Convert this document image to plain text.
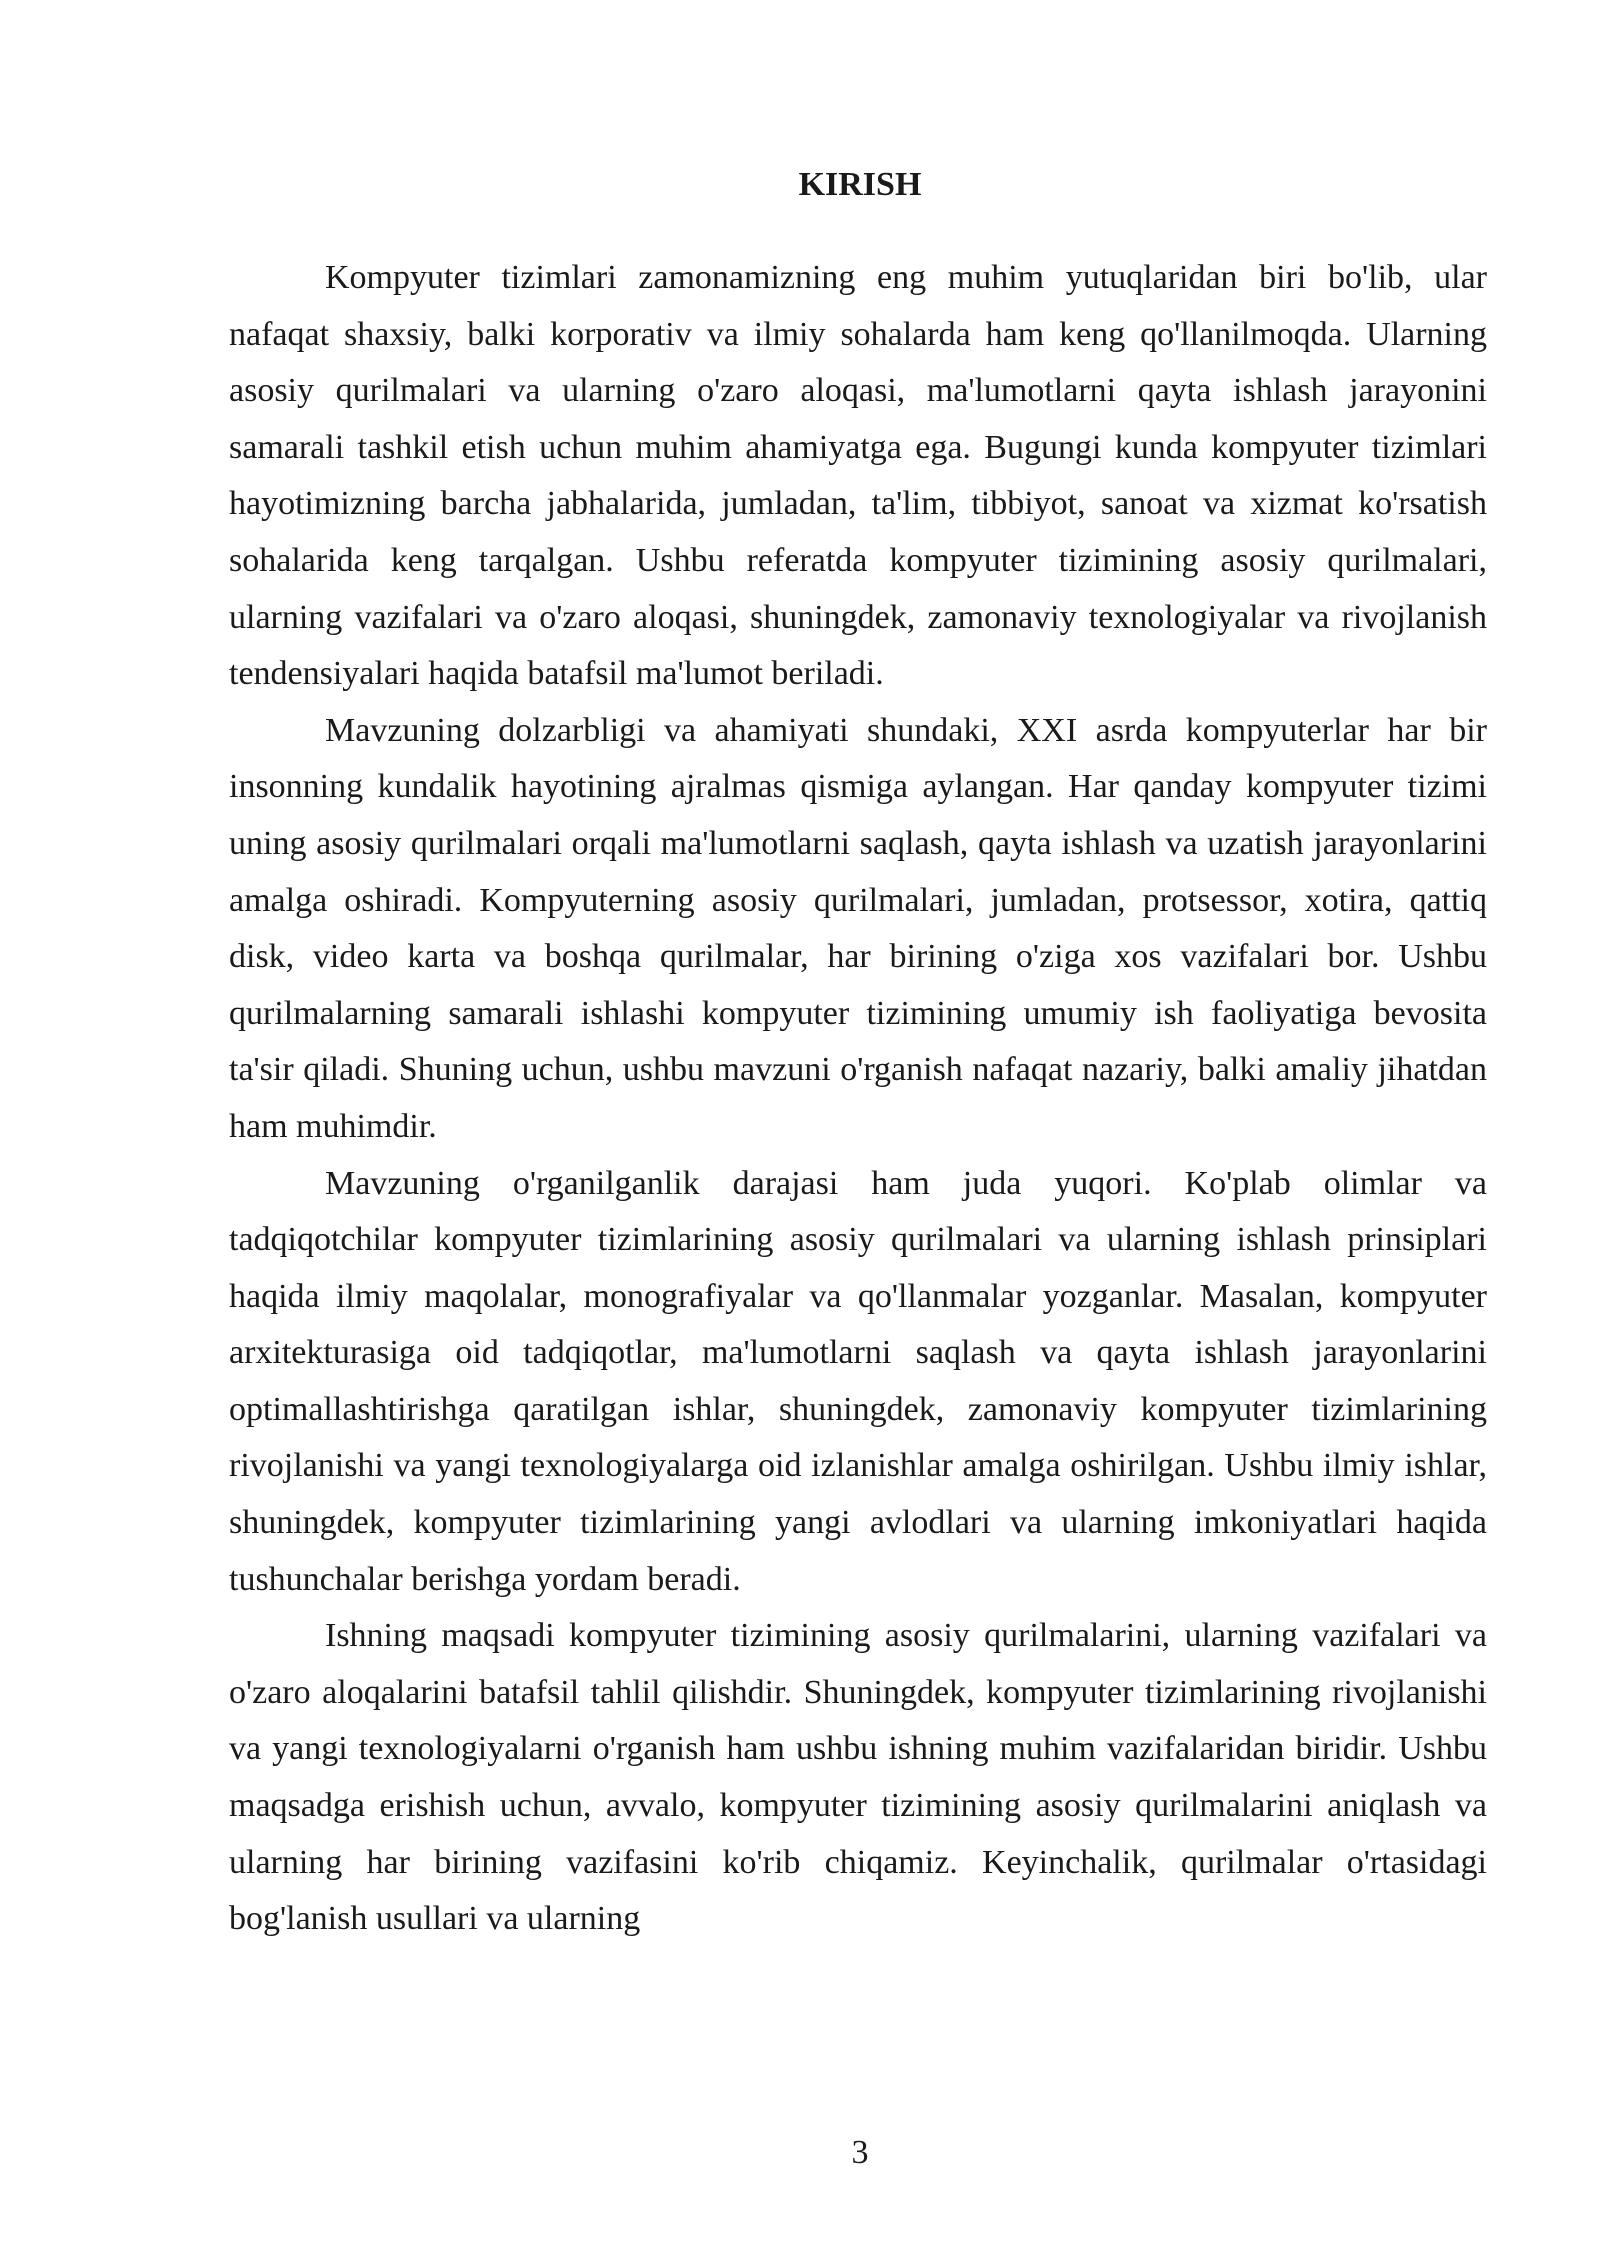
KIRISH

Kompyuter tizimlari zamonamizning eng muhim yutuqlaridan biri bo'lib, ular nafaqat shaxsiy, balki korporativ va ilmiy sohalarda ham keng qo'llanilmoqda. Ularning asosiy qurilmalari va ularning o'zaro aloqasi, ma'lumotlarni qayta ishlash jarayonini samarali tashkil etish uchun muhim ahamiyatga ega. Bugungi kunda kompyuter tizimlari hayotimizning barcha jabhalarida, jumladan, ta'lim, tibbiyot, sanoat va xizmat ko'rsatish sohalarida keng tarqalgan. Ushbu referatda kompyuter tizimining asosiy qurilmalari, ularning vazifalari va o'zaro aloqasi, shuningdek, zamonaviy texnologiyalar va rivojlanish tendensiyalari haqida batafsil ma'lumot beriladi.

Mavzuning dolzarbligi va ahamiyati shundaki, XXI asrda kompyuterlar har bir insonning kundalik hayotining ajralmas qismiga aylangan. Har qanday kompyuter tizimi uning asosiy qurilmalari orqali ma'lumotlarni saqlash, qayta ishlash va uzatish jarayonlarini amalga oshiradi. Kompyuterning asosiy qurilmalari, jumladan, protsessor, xotira, qattiq disk, video karta va boshqa qurilmalar, har birining o'ziga xos vazifalari bor. Ushbu qurilmalarning samarali ishlashi kompyuter tizimining umumiy ish faoliyatiga bevosita ta'sir qiladi. Shuning uchun, ushbu mavzuni o'rganish nafaqat nazariy, balki amaliy jihatdan ham muhimdir.

Mavzuning o'rganilganlik darajasi ham juda yuqori. Ko'plab olimlar va tadqiqotchilar kompyuter tizimlarining asosiy qurilmalari va ularning ishlash prinsiplari haqida ilmiy maqolalar, monografiyalar va qo'llanmalar yozganlar. Masalan, kompyuter arxitekturasiga oid tadqiqotlar, ma'lumotlarni saqlash va qayta ishlash jarayonlarini optimallashtirishga qaratilgan ishlar, shuningdek, zamonaviy kompyuter tizimlarining rivojlanishi va yangi texnologiyalarga oid izlanishlar amalga oshirilgan. Ushbu ilmiy ishlar, shuningdek, kompyuter tizimlarining yangi avlodlari va ularning imkoniyatlari haqida tushunchalar berishga yordam beradi.

Ishning maqsadi kompyuter tizimining asosiy qurilmalarini, ularning vazifalari va o'zaro aloqalarini batafsil tahlil qilishdir. Shuningdek, kompyuter tizimlarining rivojlanishi va yangi texnologiyalarni o'rganish ham ushbu ishning muhim vazifalaridan biridir. Ushbu maqsadga erishish uchun, avvalo, kompyuter tizimining asosiy qurilmalarini aniqlash va ularning har birining vazifasini ko'rib chiqamiz. Keyinchalik, qurilmalar o'rtasidagi bog'lanish usullari va ularning

3
